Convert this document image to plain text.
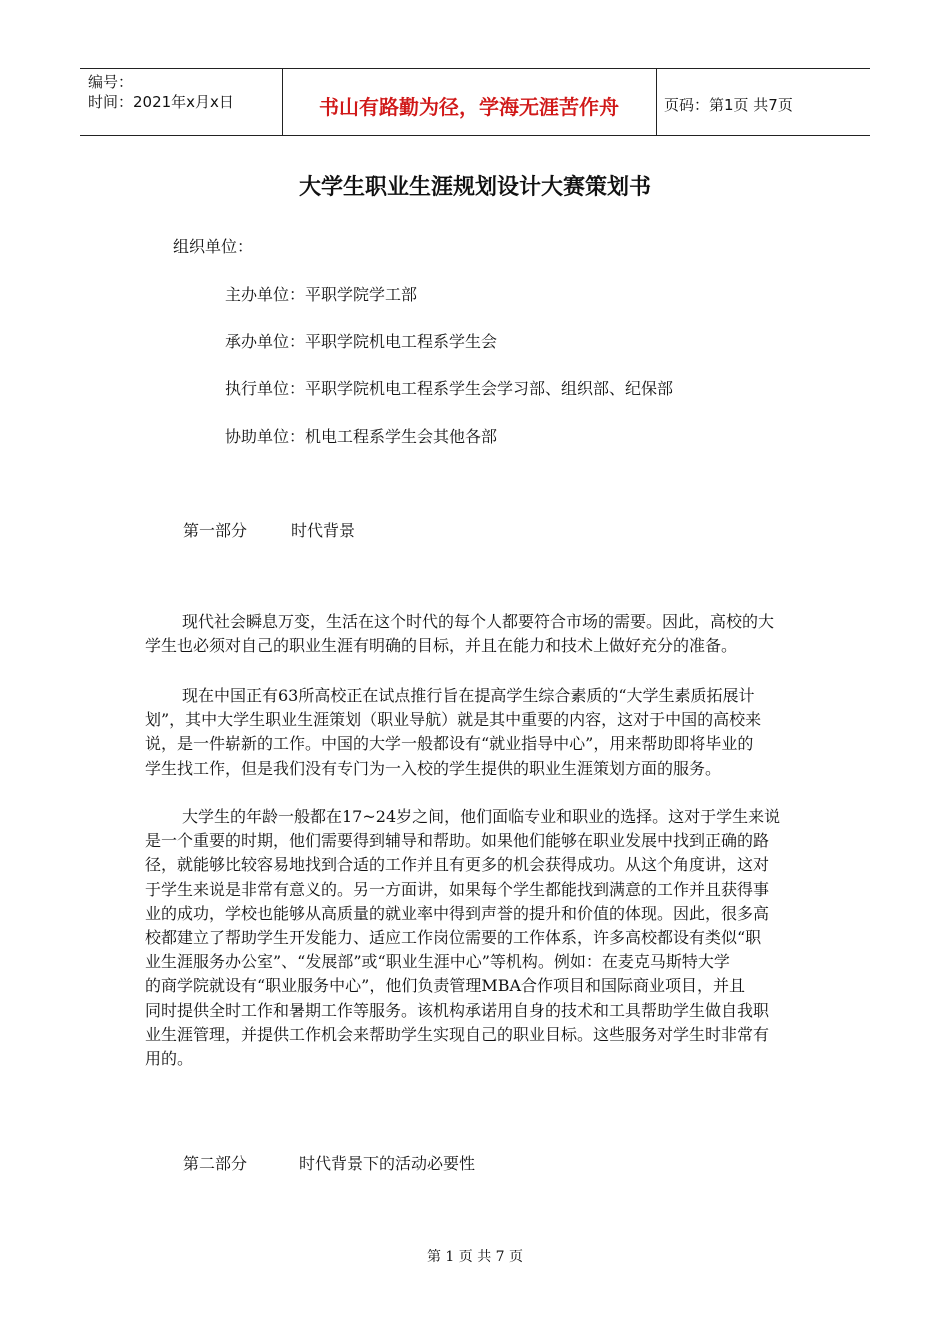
编号：
时间：2021年x月x日	书山有路勤为径，学海无涯苦作舟	页码：第1页 共7页
大学生职业生涯规划设计大赛策划书
组织单位：
主办单位：平职学院学工部
承办单位：平职学院机电工程系学生会
执行单位：平职学院机电工程系学生会学习部、组织部、纪保部
协助单位：机电工程系学生会其他各部
第一部分	时代背景

现代社会瞬息万变，生活在这个时代的每个人都要符合市场的需要。因此，高校的大
学生也必须对自己的职业生涯有明确的目标，并且在能力和技术上做好充分的准备。

现在中国正有63所高校正在试点推行旨在提高学生综合素质的“大学生素质拓展计
划”，其中大学生职业生涯策划（职业导航）就是其中重要的内容，这对于中国的高校来
说，是一件崭新的工作。中国的大学一般都设有“就业指导中心”，用来帮助即将毕业的
学生找工作，但是我们没有专门为一入校的学生提供的职业生涯策划方面的服务。

大学生的年龄一般都在17~24岁之间，他们面临专业和职业的选择。这对于学生来说
是一个重要的时期，他们需要得到辅导和帮助。如果他们能够在职业发展中找到正确的路
径，就能够比较容易地找到合适的工作并且有更多的机会获得成功。从这个角度讲，这对
于学生来说是非常有意义的。另一方面讲，如果每个学生都能找到满意的工作并且获得事
业的成功，学校也能够从高质量的就业率中得到声誉的提升和价值的体现。因此，很多高
校都建立了帮助学生开发能力、适应工作岗位需要的工作体系，许多高校都设有类似“职
业生涯服务办公室”、“发展部”或“职业生涯中心”等机构。例如：在麦克马斯特大学
的商学院就设有“职业服务中心”，他们负责管理MBA合作项目和国际商业项目，并且
同时提供全时工作和暑期工作等服务。该机构承诺用自身的技术和工具帮助学生做自我职
业生涯管理，并提供工作机会来帮助学生实现自己的职业目标。这些服务对学生时非常有
用的。

第二部分	时代背景下的活动必要性
第 1 页 共 7 页
